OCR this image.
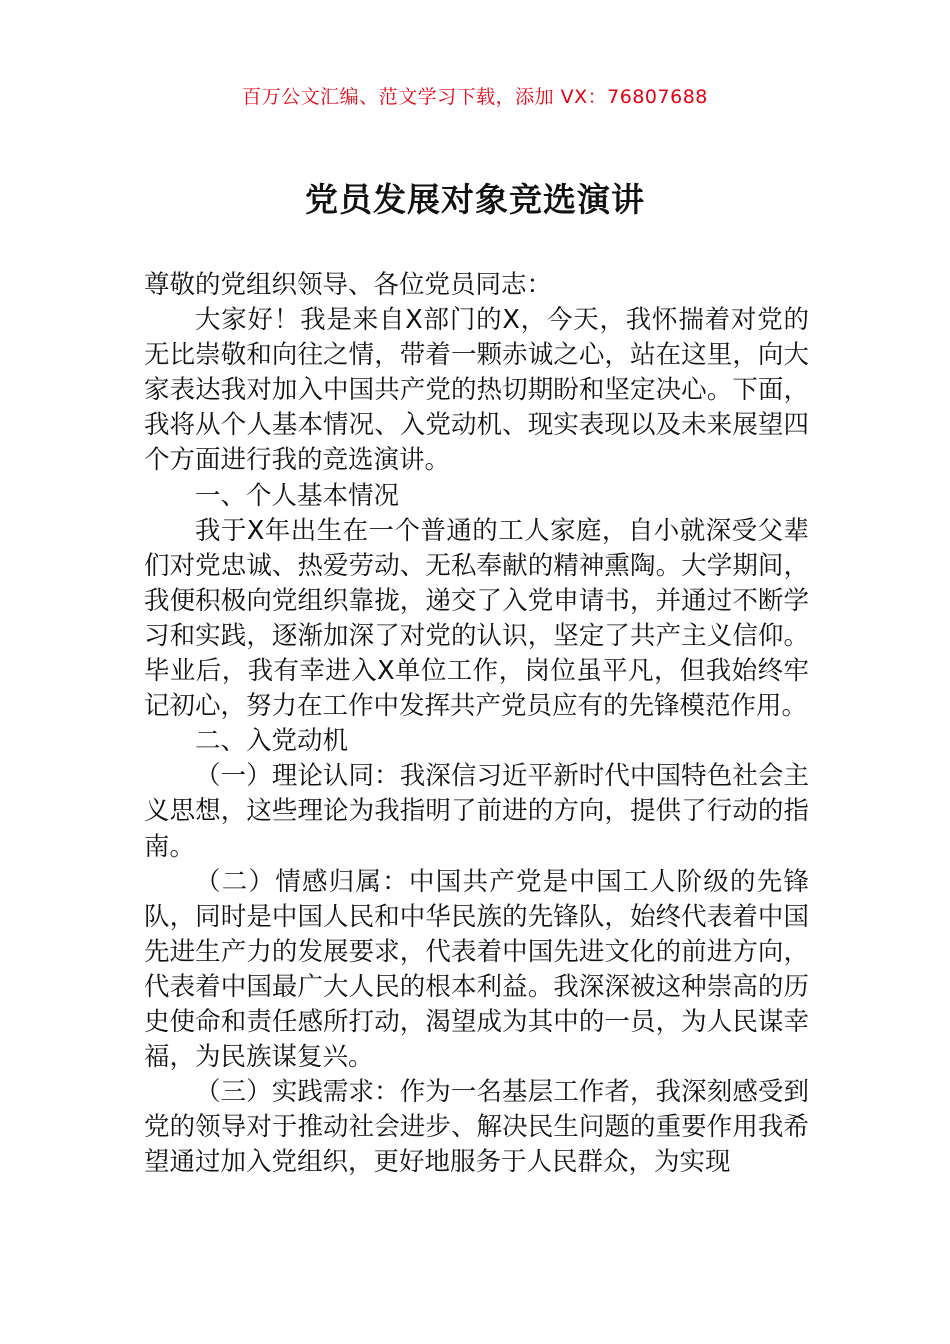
百万公文汇编、范文学习下载，添加 VX：76807688

党员发展对象竞选演讲

尊敬的党组织领导、各位党员同志：

大家好！我是来自X部门的X，今天，我怀揣着对党的无比崇敬和向往之情，带着一颗赤诚之心，站在这里，向大家表达我对加入中国共产党的热切期盼和坚定决心。下面，我将从个人基本情况、入党动机、现实表现以及未来展望四个方面进行我的竞选演讲。

一、个人基本情况

我于X年出生在一个普通的工人家庭，自小就深受父辈们对党忠诚、热爱劳动、无私奉献的精神熏陶。大学期间，我便积极向党组织靠拢，递交了入党申请书，并通过不断学习和实践，逐渐加深了对党的认识，坚定了共产主义信仰。毕业后，我有幸进入X单位工作，岗位虽平凡，但我始终牢记初心，努力在工作中发挥共产党员应有的先锋模范作用。

二、入党动机

（一）理论认同：我深信习近平新时代中国特色社会主义思想，这些理论为我指明了前进的方向，提供了行动的指南。

（二）情感归属：中国共产党是中国工人阶级的先锋队，同时是中国人民和中华民族的先锋队，始终代表着中国先进生产力的发展要求，代表着中国先进文化的前进方向，代表着中国最广大人民的根本利益。我深深被这种崇高的历史使命和责任感所打动，渴望成为其中的一员，为人民谋幸福，为民族谋复兴。

（三）实践需求：作为一名基层工作者，我深刻感受到党的领导对于推动社会进步、解决民生问题的重要作用我希望通过加入党组织，更好地服务于人民群众，为实现
